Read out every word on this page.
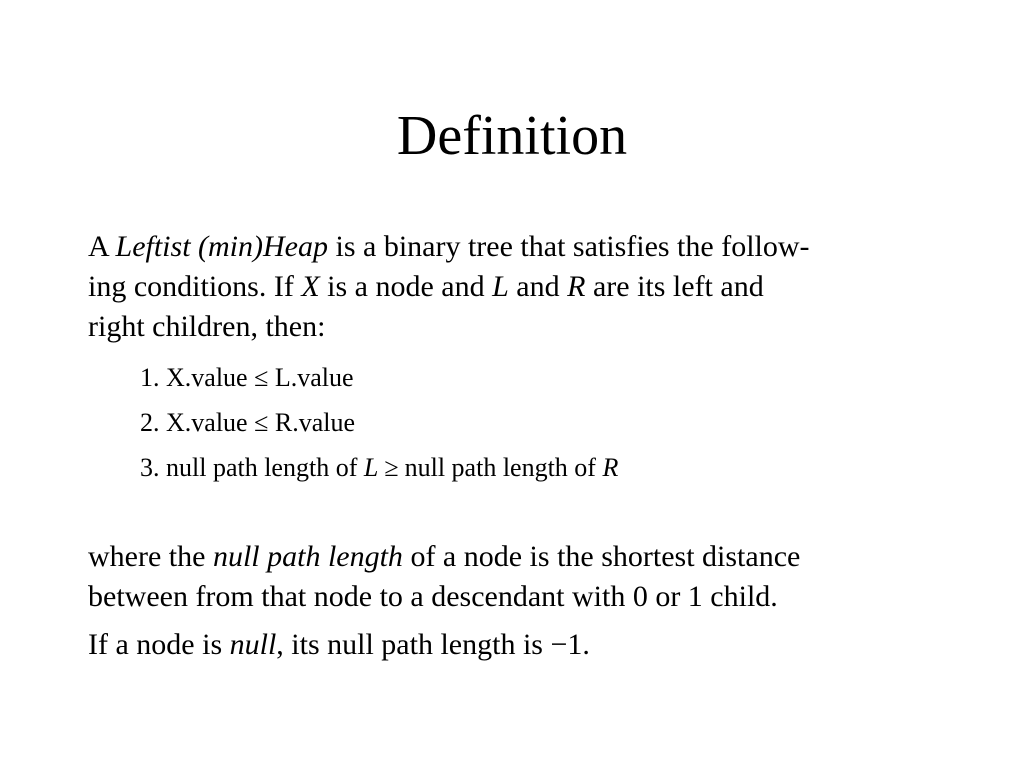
Definition
A Leftist (min)Heap is a binary tree that satisfies the follow-
ing conditions. If X is a node and L and R are its left and
right children, then:
1. X.value ≤ L.value
2. X.value ≤ R.value
3. null path length of L ≥ null path length of R
where the null path length of a node is the shortest distance
between from that node to a descendant with 0 or 1 child.
If a node is null, its null path length is −1.
